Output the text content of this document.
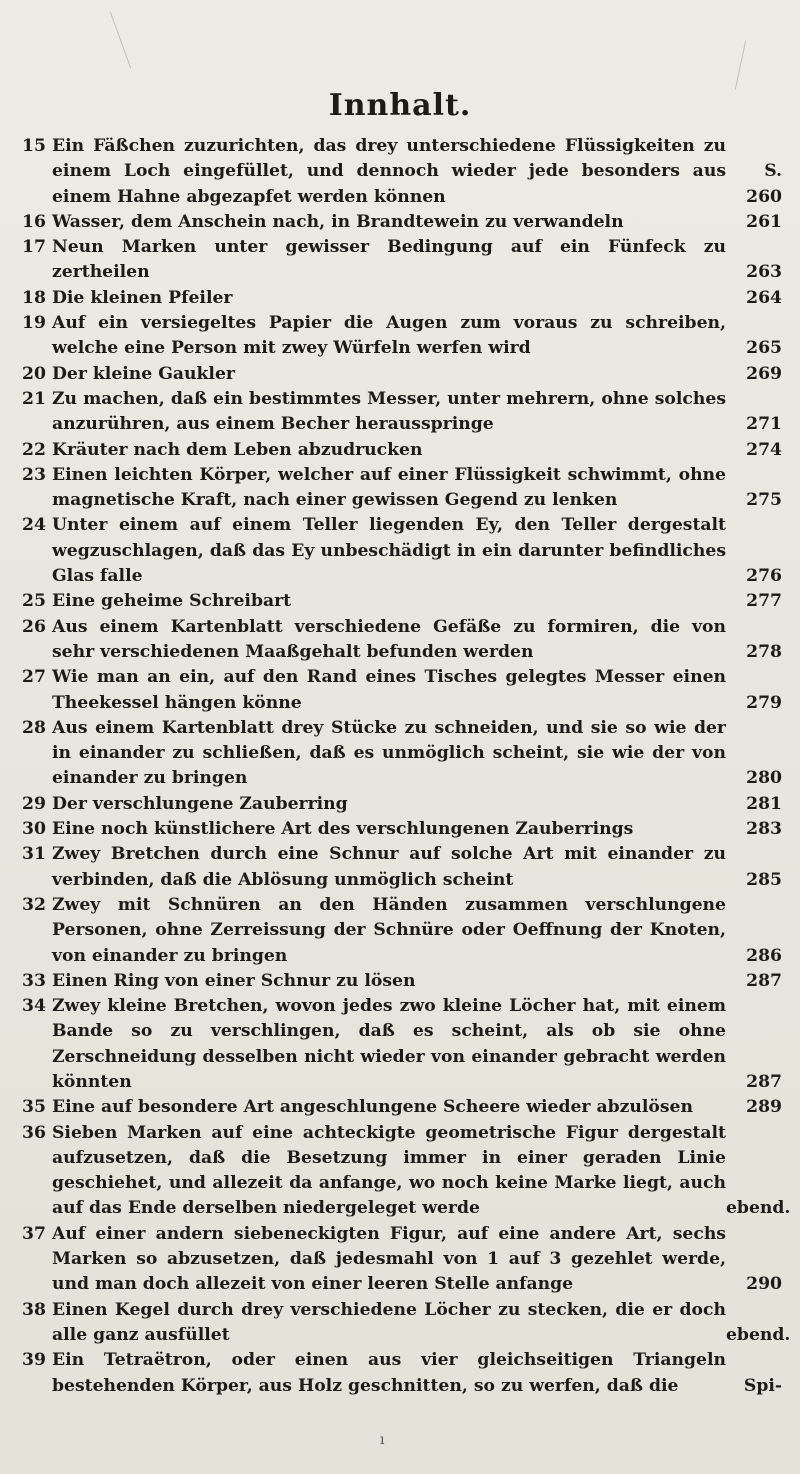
Innhalt.
15 Ein Fäßchen zuzurichten, das drey unterschiedene Flüssigkeiten zu einem Loch eingefüllet, und dennoch wieder jede besonders aus einem Hahne abgezapfet werden können
S. 260
16 Wasser, dem Anschein nach, in Brandtewein zu verwandeln	261
17 Neun Marken unter gewisser Bedingung auf ein Fünfeck zu zertheilen	263
18 Die kleinen Pfeiler	264
19 Auf ein versiegeltes Papier die Augen zum voraus zu schreiben, welche eine Person mit zwey Würfeln werfen wird	265
20 Der kleine Gaukler	269
21 Zu machen, daß ein bestimmtes Messer, unter mehrern, ohne solches anzurühren, aus einem Becher herausspringe	271
22 Kräuter nach dem Leben abzudrucken	274
23 Einen leichten Körper, welcher auf einer Flüssigkeit schwimmt, ohne magnetische Kraft, nach einer gewissen Gegend zu lenken	275
24 Unter einem auf einem Teller liegenden Ey, den Teller dergestalt wegzuschlagen, daß das Ey unbeschädigt in ein darunter befindliches Glas falle	276
25 Eine geheime Schreibart	277
26 Aus einem Kartenblatt verschiedene Gefäße zu formiren, die von sehr verschiedenen Maaßgehalt befunden werden	278
27 Wie man an ein, auf den Rand eines Tisches gelegtes Messer einen Theekessel hängen könne	279
28 Aus einem Kartenblatt drey Stücke zu schneiden, und sie so wie der in einander zu schließen, daß es unmöglich scheint, sie wie der von einander zu bringen	280
29 Der verschlungene Zauberring	281
30 Eine noch künstlichere Art des verschlungenen Zauberrings	283
31 Zwey Bretchen durch eine Schnur auf solche Art mit einander zu verbinden, daß die Ablösung unmöglich scheint	285
32 Zwey mit Schnüren an den Händen zusammen verschlungene Personen, ohne Zerreissung der Schnüre oder Oeffnung der Knoten, von einander zu bringen	286
33 Einen Ring von einer Schnur zu lösen	287
34 Zwey kleine Bretchen, wovon jedes zwo kleine Löcher hat, mit einem Bande so zu verschlingen, daß es scheint, als ob sie ohne Zerschneidung desselben nicht wieder von einander gebracht werden könnten	287
35 Eine auf besondere Art angeschlungene Scheere wieder abzulösen	289
36 Sieben Marken auf eine achteckigte geometrische Figur dergestalt aufzusetzen, daß die Besetzung immer in einer geraden Linie geschiehet, und allezeit da anfange, wo noch keine Marke liegt, auch auf das Ende derselben niedergeleget werde	ebend.
37 Auf einer andern siebeneckigten Figur, auf eine andere Art, sechs Marken so abzusetzen, daß jedesmahl von 1 auf 3 gezehlet werde, und man doch allezeit von einer leeren Stelle anfange	290
38 Einen Kegel durch drey verschiedene Löcher zu stecken, die er doch alle ganz ausfüllet	ebend.
39 Ein Tetraëtron, oder einen aus vier gleichseitigen Triangeln bestehenden Körper, aus Holz geschnitten, so zu werfen, daß die	Spi-
ı
